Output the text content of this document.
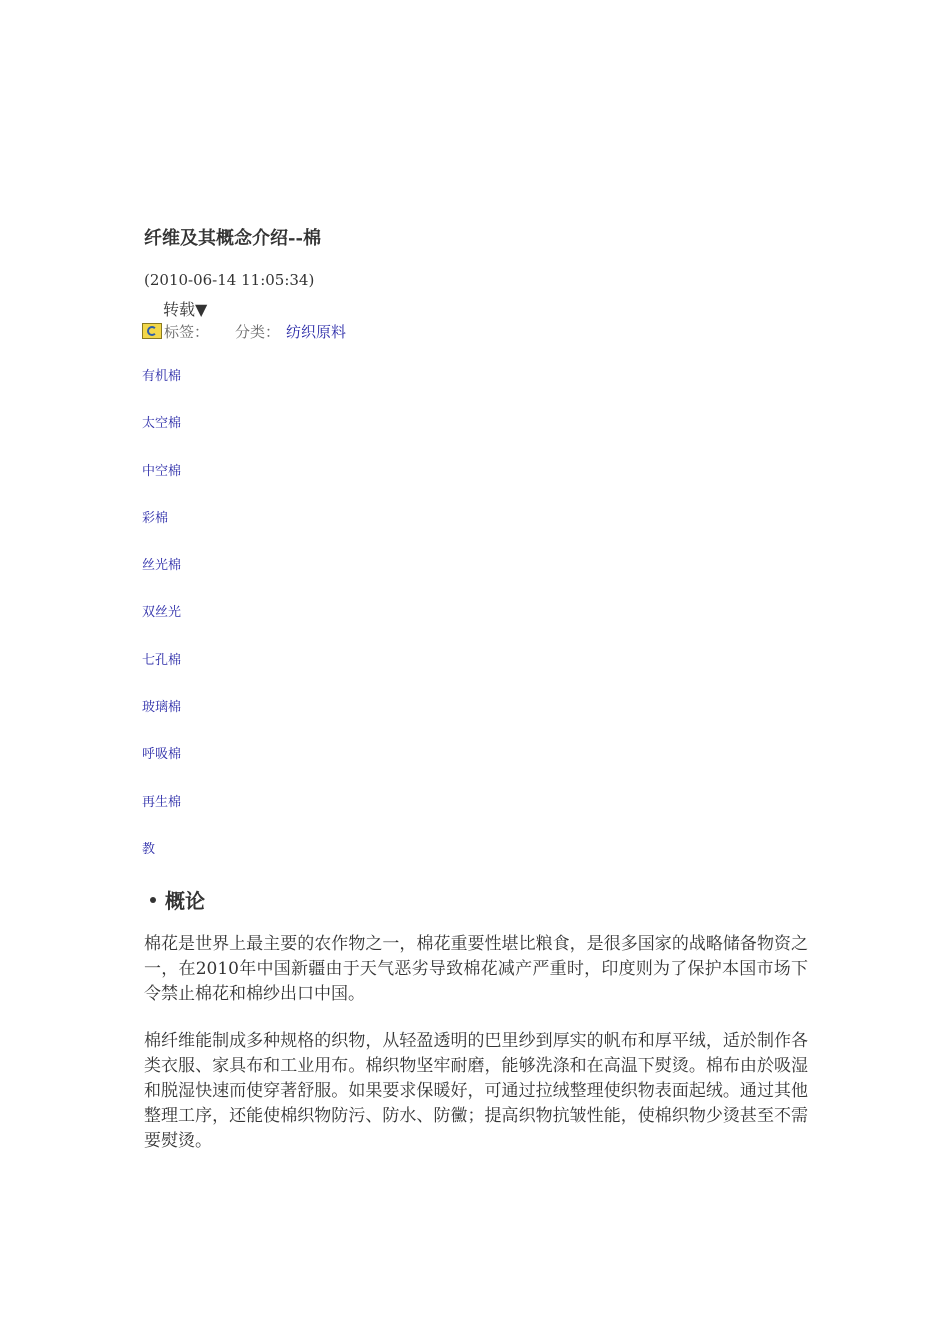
纤维及其概念介绍--棉
(2010-06-14 11:05:34)
转载▼
标签： 分类： 纺织原料
有机棉
太空棉
中空棉
彩棉
丝光棉
双丝光
七孔棉
玻璃棉
呼吸棉
再生棉
教
概论

棉花是世界上最主要的农作物之一，棉花重要性堪比粮食，是很多国家的战略储备物资之一，在2010年中国新疆由于天气恶劣导致棉花减产严重时，印度则为了保护本国市场下令禁止棉花和棉纱出口中国。

棉纤维能制成多种规格的织物，从轻盈透明的巴里纱到厚实的帆布和厚平绒，适於制作各类衣服、家具布和工业用布。棉织物坚牢耐磨，能够洗涤和在高温下熨烫。棉布由於吸湿和脱湿快速而使穿著舒服。如果要求保暖好，可通过拉绒整理使织物表面起绒。通过其他整理工序，还能使棉织物防污、防水、防黴；提高织物抗皱性能，使棉织物少烫甚至不需要熨烫。
